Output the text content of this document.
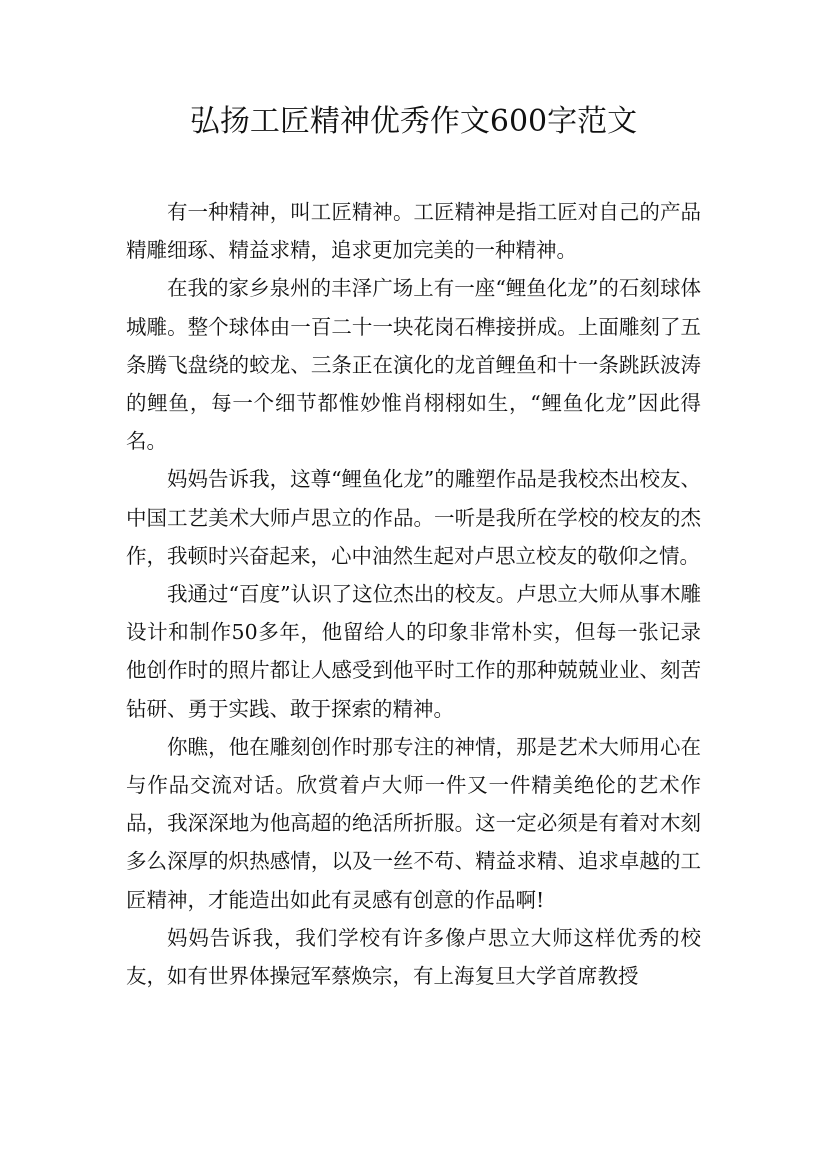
弘扬工匠精神优秀作文600字范文

有一种精神，叫工匠精神。工匠精神是指工匠对自己的产品精雕细琢、精益求精，追求更加完美的一种精神。

在我的家乡泉州的丰泽广场上有一座“鲤鱼化龙”的石刻球体城雕。整个球体由一百二十一块花岗石榫接拼成。上面雕刻了五条腾飞盘绕的蛟龙、三条正在演化的龙首鲤鱼和十一条跳跃波涛的鲤鱼，每一个细节都惟妙惟肖栩栩如生，“鲤鱼化龙”因此得名。

妈妈告诉我，这尊“鲤鱼化龙”的雕塑作品是我校杰出校友、中国工艺美术大师卢思立的作品。一听是我所在学校的校友的杰作，我顿时兴奋起来，心中油然生起对卢思立校友的敬仰之情。

我通过“百度”认识了这位杰出的校友。卢思立大师从事木雕设计和制作50多年，他留给人的印象非常朴实，但每一张记录他创作时的照片都让人感受到他平时工作的那种兢兢业业、刻苦钻研、勇于实践、敢于探索的精神。

你瞧，他在雕刻创作时那专注的神情，那是艺术大师用心在与作品交流对话。欣赏着卢大师一件又一件精美绝伦的艺术作品，我深深地为他高超的绝活所折服。这一定必须是有着对木刻多么深厚的炽热感情，以及一丝不苟、精益求精、追求卓越的工匠精神，才能造出如此有灵感有创意的作品啊!

妈妈告诉我，我们学校有许多像卢思立大师这样优秀的校友，如有世界体操冠军蔡焕宗，有上海复旦大学首席教授
